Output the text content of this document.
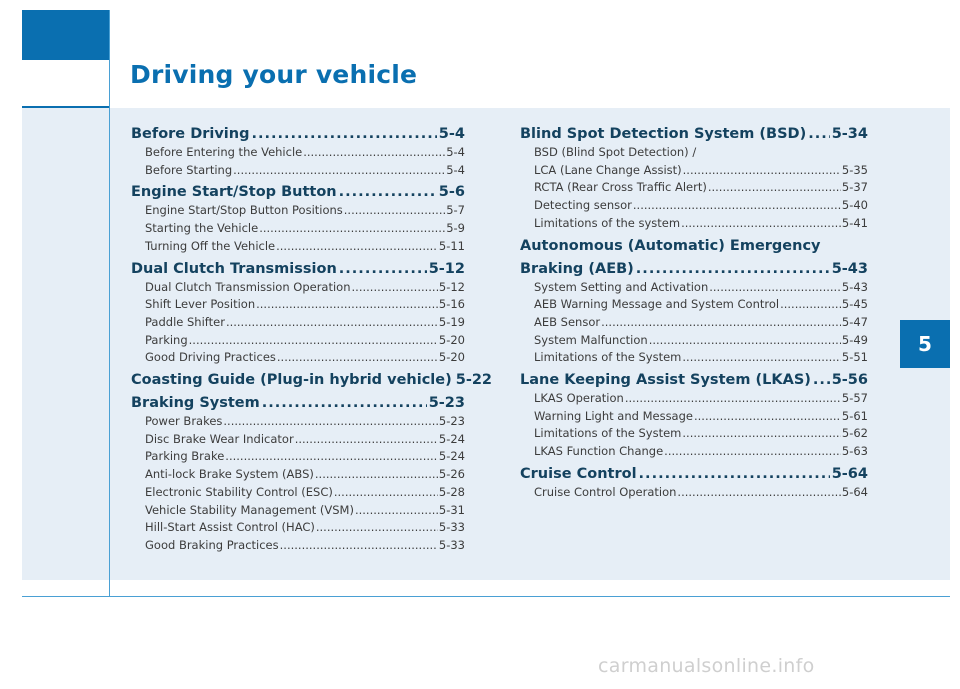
Driving your vehicle
Before Driving .....	5-4
Before Entering the Vehicle .....	5-4
Before Starting .....	5-4
Engine Start/Stop Button .....	5-6
Engine Start/Stop Button Positions .....	5-7
Starting the Vehicle .....	5-9
Turning Off the Vehicle .....	5-11
Dual Clutch Transmission .....	5-12
Dual Clutch Transmission Operation .....	5-12
Shift Lever Position .....	5-16
Paddle Shifter .....	5-19
Parking .....	5-20
Good Driving Practices .....	5-20
Coasting Guide (Plug-in hybrid vehicle) 5-22
Braking System .....	5-23
Power Brakes .....	5-23
Disc Brake Wear Indicator .....	5-24
Parking Brake .....	5-24
Anti-lock Brake System (ABS) .....	5-26
Electronic Stability Control (ESC) .....	5-28
Vehicle Stability Management (VSM) .....	5-31
Hill-Start Assist Control (HAC) .....	5-33
Good Braking Practices .....	5-33
Blind Spot Detection System (BSD) ..... 5-34
BSD (Blind Spot Detection) /
LCA (Lane Change Assist) .....	5-35
RCTA (Rear Cross Traffic Alert) .....	5-37
Detecting sensor .....	5-40
Limitations of the system .....	5-41
Autonomous (Automatic) Emergency
Braking (AEB) .....	5-43
System Setting and Activation .....	5-43
AEB Warning Message and System Control .....	5-45
AEB Sensor .....	5-47
System Malfunction .....	5-49
Limitations of the System .....	5-51
Lane Keeping Assist System (LKAS) ..... 5-56
LKAS Operation .....	5-57
Warning Light and Message .....	5-61
Limitations of the System .....	5-62
LKAS Function Change .....	5-63
Cruise Control .....	5-64
Cruise Control Operation .....	5-64
5
carmanualsonline.info
